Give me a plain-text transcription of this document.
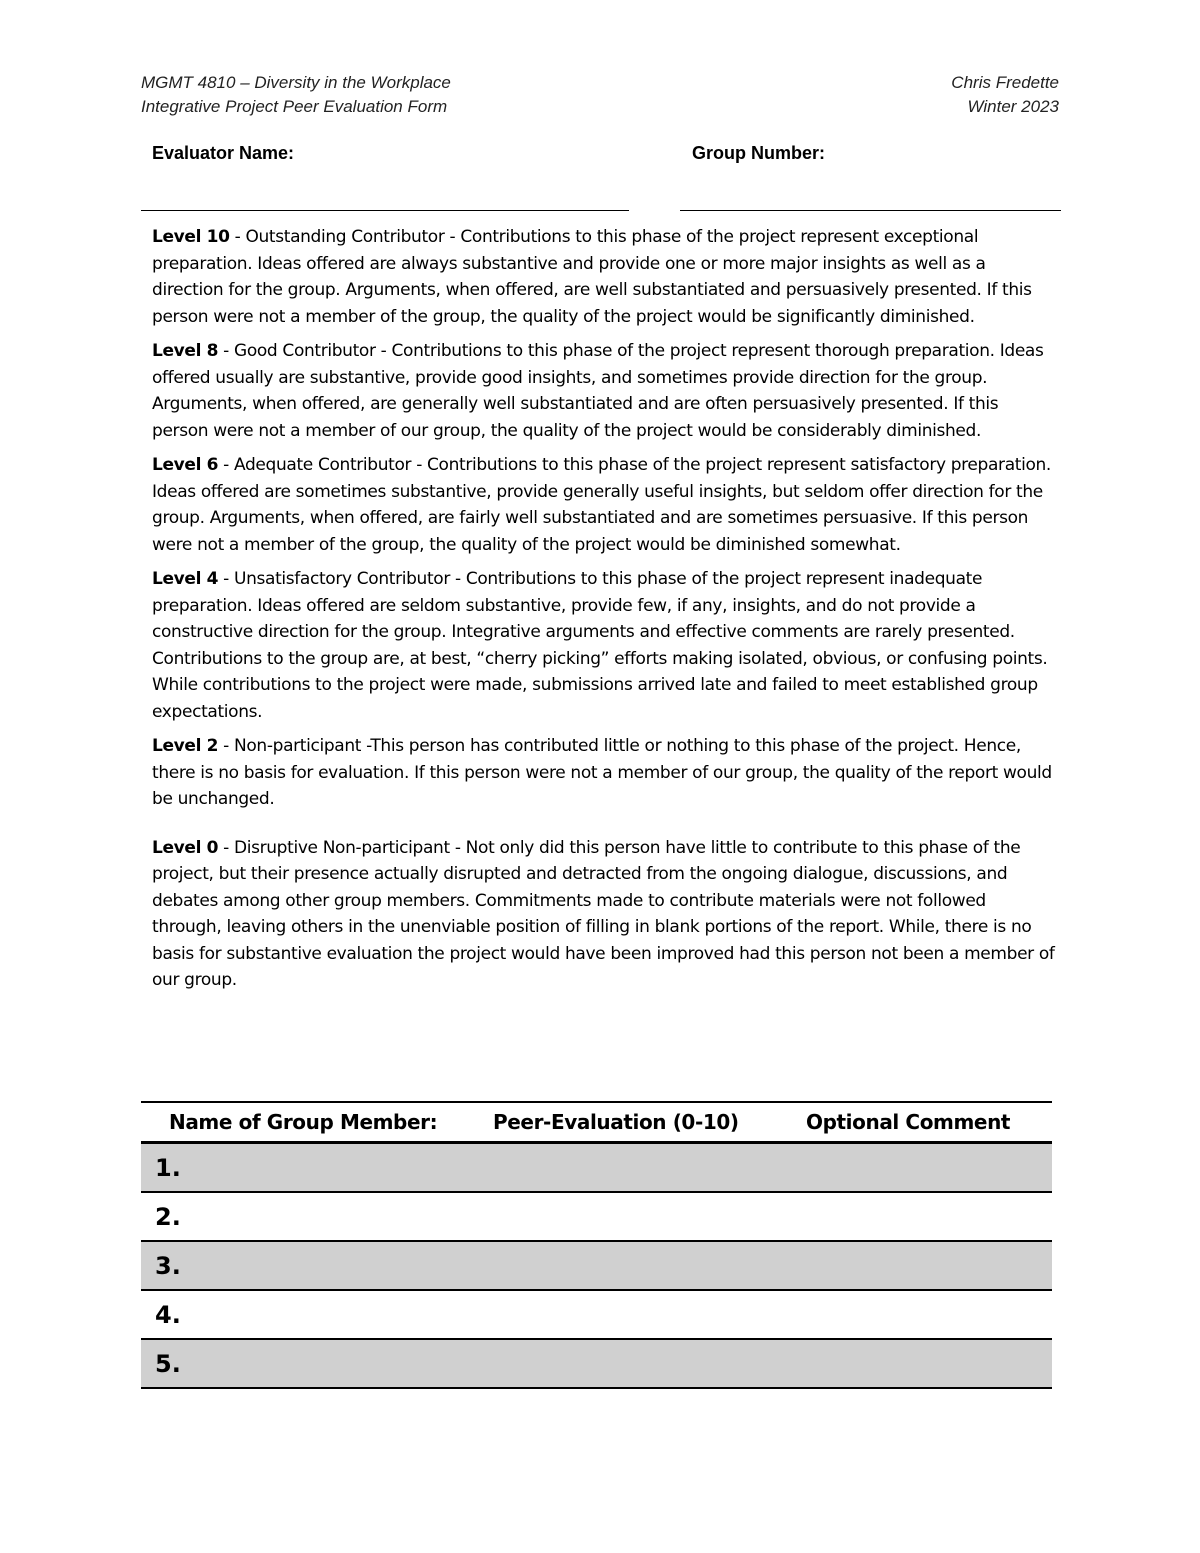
MGMT 4810 – Diversity in the Workplace
Integrative Project Peer Evaluation Form
Chris Fredette
Winter 2023
Evaluator Name:	Group Number:

Level 10 - Outstanding Contributor - Contributions to this phase of the project represent exceptional preparation. Ideas offered are always substantive and provide one or more major insights as well as a direction for the group. Arguments, when offered, are well substantiated and persuasively presented. If this person were not a member of the group, the quality of the project would be significantly diminished.

Level 8 - Good Contributor - Contributions to this phase of the project represent thorough preparation. Ideas offered usually are substantive, provide good insights, and sometimes provide direction for the group. Arguments, when offered, are generally well substantiated and are often persuasively presented. If this person were not a member of our group, the quality of the project would be considerably diminished.

Level 6 - Adequate Contributor - Contributions to this phase of the project represent satisfactory preparation. Ideas offered are sometimes substantive, provide generally useful insights, but seldom offer direction for the group. Arguments, when offered, are fairly well substantiated and are sometimes persuasive. If this person were not a member of the group, the quality of the project would be diminished somewhat.

Level 4 - Unsatisfactory Contributor - Contributions to this phase of the project represent inadequate preparation. Ideas offered are seldom substantive, provide few, if any, insights, and do not provide a constructive direction for the group. Integrative arguments and effective comments are rarely presented. Contributions to the group are, at best, “cherry picking” efforts making isolated, obvious, or confusing points. While contributions to the project were made, submissions arrived late and failed to meet established group expectations.

Level 2 - Non-participant -This person has contributed little or nothing to this phase of the project. Hence, there is no basis for evaluation. If this person were not a member of our group, the quality of the report would be unchanged.

Level 0 - Disruptive Non-participant - Not only did this person have little to contribute to this phase of the project, but their presence actually disrupted and detracted from the ongoing dialogue, discussions, and debates among other group members. Commitments made to contribute materials were not followed through, leaving others in the unenviable position of filling in blank portions of the report. While, there is no basis for substantive evaluation the project would have been improved had this person not been a member of our group.

Name of Group Member:	Peer-Evaluation (0-10)	Optional Comment
1.		
2.		
3.		
4.		
5.		
